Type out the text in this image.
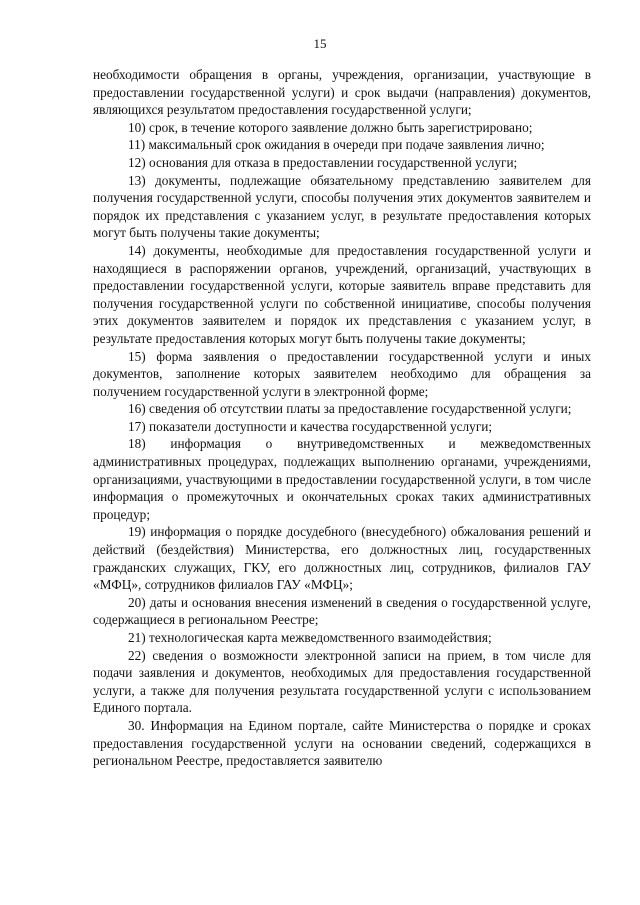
15

необходимости обращения в органы, учреждения, организации, участвующие в предоставлении государственной услуги) и срок выдачи (направления) документов, являющихся результатом предоставления государственной услуги;

10) срок, в течение которого заявление должно быть зарегистрировано;

11) максимальный срок ожидания в очереди при подаче заявления лично;

12) основания для отказа в предоставлении государственной услуги;

13) документы, подлежащие обязательному представлению заявителем для получения государственной услуги, способы получения этих документов заявителем и порядок их представления с указанием услуг, в результате предоставления которых могут быть получены такие документы;

14) документы, необходимые для предоставления государственной услуги и находящиеся в распоряжении органов, учреждений, организаций, участвующих в предоставлении государственной услуги, которые заявитель вправе представить для получения государственной услуги по собственной инициативе, способы получения этих документов заявителем и порядок их представления с указанием услуг, в результате предоставления которых могут быть получены такие документы;

15) форма заявления о предоставлении государственной услуги и иных документов, заполнение которых заявителем необходимо для обращения за получением государственной услуги в электронной форме;

16) сведения об отсутствии платы за предоставление государственной услуги;

17) показатели доступности и качества государственной услуги;

18) информация о внутриведомственных и межведомственных административных процедурах, подлежащих выполнению органами, учреждениями, организациями, участвующими в предоставлении государственной услуги, в том числе информация о промежуточных и окончательных сроках таких административных процедур;

19) информация о порядке досудебного (внесудебного) обжалования решений и действий (бездействия) Министерства, его должностных лиц, государственных гражданских служащих, ГКУ, его должностных лиц, сотрудников, филиалов ГАУ «МФЦ», сотрудников филиалов ГАУ «МФЦ»;

20) даты и основания внесения изменений в сведения о государственной услуге, содержащиеся в региональном Реестре;

21) технологическая карта межведомственного взаимодействия;

22) сведения о возможности электронной записи на прием, в том числе для подачи заявления и документов, необходимых для предоставления государственной услуги, а также для получения результата государственной услуги с использованием Единого портала.

30. Информация на Едином портале, сайте Министерства о порядке и сроках предоставления государственной услуги на основании сведений, содержащихся в региональном Реестре, предоставляется заявителю
